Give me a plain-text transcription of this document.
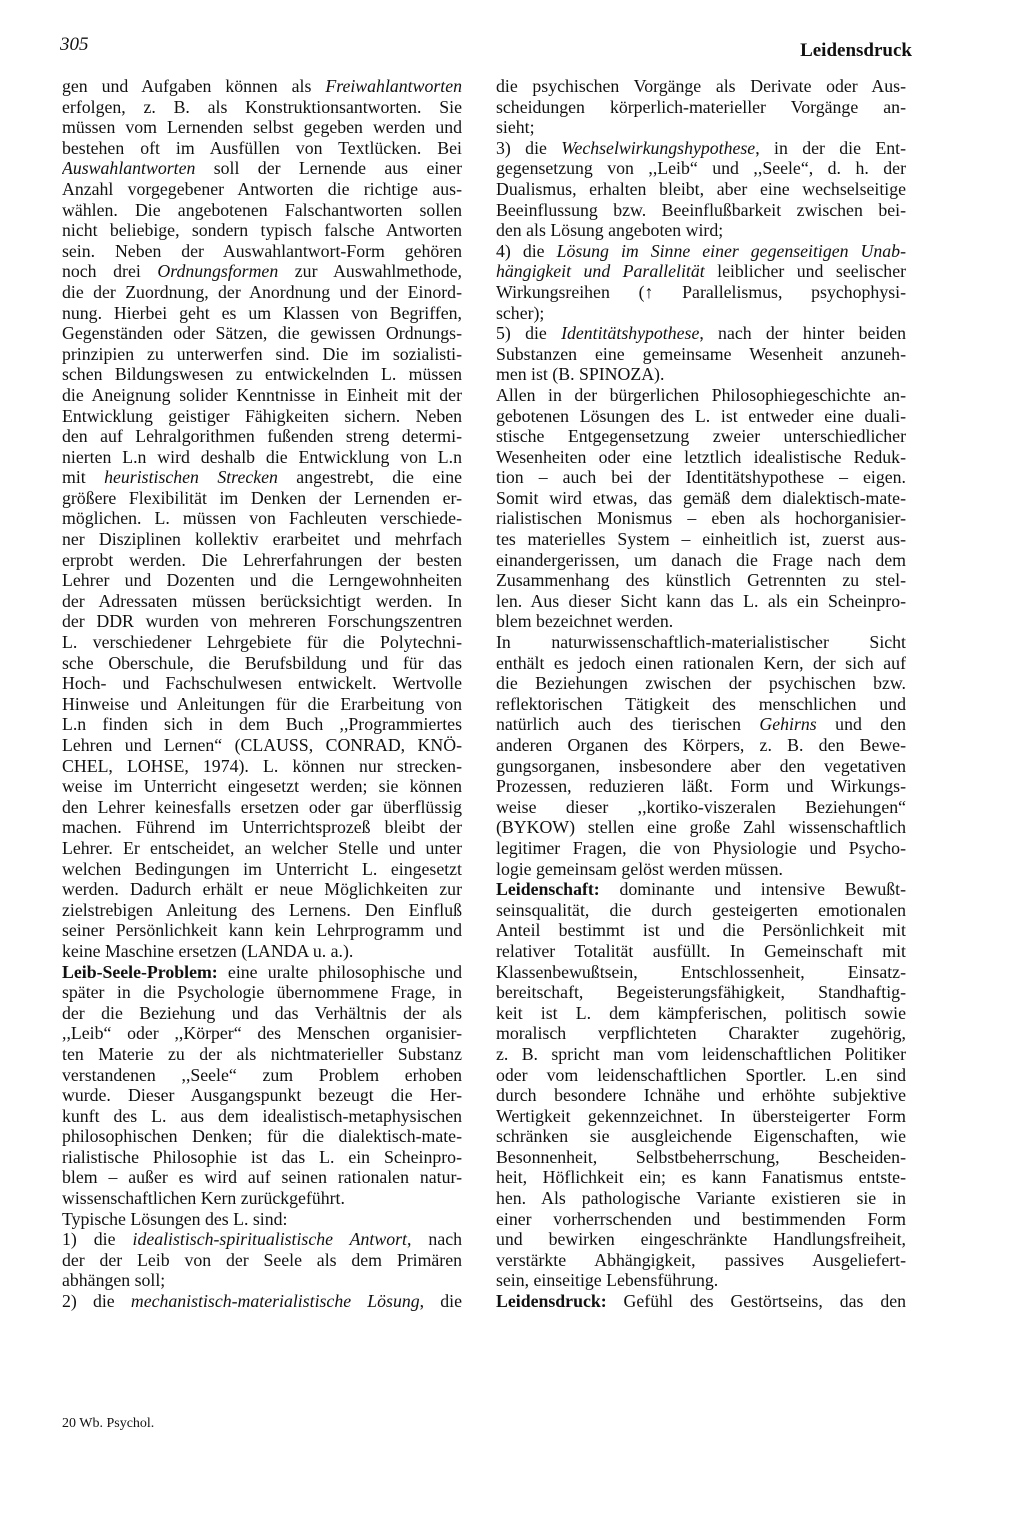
305	Leidensdruck
gen und Aufgaben können als Freiwahlantworten
erfolgen, z. B. als Konstruktionsantworten. Sie
müssen vom Lernenden selbst gegeben werden und
bestehen oft im Ausfüllen von Textlücken. Bei
Auswahlantworten soll der Lernende aus einer
Anzahl vorgegebener Antworten die richtige aus-
wählen. Die angebotenen Falschantworten sollen
nicht beliebige, sondern typisch falsche Antworten
sein. Neben der Auswahlantwort-Form gehören
noch drei Ordnungsformen zur Auswahlmethode,
die der Zuordnung, der Anordnung und der Einord-
nung. Hierbei geht es um Klassen von Begriffen,
Gegenständen oder Sätzen, die gewissen Ordnungs-
prinzipien zu unterwerfen sind. Die im sozialisti-
schen Bildungswesen zu entwickelnden L. müssen
die Aneignung solider Kenntnisse in Einheit mit der
Entwicklung geistiger Fähigkeiten sichern. Neben
den auf Lehralgorithmen fußenden streng determi-
nierten L.n wird deshalb die Entwicklung von L.n
mit heuristischen Strecken angestrebt, die eine
größere Flexibilität im Denken der Lernenden er-
möglichen. L. müssen von Fachleuten verschiede-
ner Disziplinen kollektiv erarbeitet und mehrfach
erprobt werden. Die Lehrerfahrungen der besten
Lehrer und Dozenten und die Lerngewohnheiten
der Adressaten müssen berücksichtigt werden. In
der DDR wurden von mehreren Forschungszentren
L. verschiedener Lehrgebiete für die Polytechni-
sche Oberschule, die Berufsbildung und für das
Hoch- und Fachschulwesen entwickelt. Wertvolle
Hinweise und Anleitungen für die Erarbeitung von
L.n finden sich in dem Buch ,,Programmiertes
Lehren und Lernen“ (CLAUSS, CONRAD, KNÖ-
CHEL, LOHSE, 1974). L. können nur strecken-
weise im Unterricht eingesetzt werden; sie können
den Lehrer keinesfalls ersetzen oder gar überflüssig
machen. Führend im Unterrichtsprozeß bleibt der
Lehrer. Er entscheidet, an welcher Stelle und unter
welchen Bedingungen im Unterricht L. eingesetzt
werden. Dadurch erhält er neue Möglichkeiten zur
zielstrebigen Anleitung des Lernens. Den Einfluß
seiner Persönlichkeit kann kein Lehrprogramm und
keine Maschine ersetzen (LANDA u. a.).
Leib-Seele-Problem: eine uralte philosophische und
später in die Psychologie übernommene Frage, in
der die Beziehung und das Verhältnis der als
,,Leib“ oder ,,Körper“ des Menschen organisier-
ten Materie zu der als nichtmaterieller Substanz
verstandenen ,,Seele“ zum Problem erhoben
wurde. Dieser Ausgangspunkt bezeugt die Her-
kunft des L. aus dem idealistisch-metaphysischen
philosophischen Denken; für die dialektisch-mate-
rialistische Philosophie ist das L. ein Scheinpro-
blem – außer es wird auf seinen rationalen natur-
wissenschaftlichen Kern zurückgeführt.
Typische Lösungen des L. sind:
1) die idealistisch-spiritualistische Antwort, nach
der der Leib von der Seele als dem Primären
abhängen soll;
2) die mechanistisch-materialistische Lösung, die
die psychischen Vorgänge als Derivate oder Aus-
scheidungen körperlich-materieller Vorgänge an-
sieht;
3) die Wechselwirkungshypothese, in der die Ent-
gegensetzung von ,,Leib“ und ,,Seele“, d. h. der
Dualismus, erhalten bleibt, aber eine wechselseitige
Beeinflussung bzw. Beeinflußbarkeit zwischen bei-
den als Lösung angeboten wird;
4) die Lösung im Sinne einer gegenseitigen Unab-
hängigkeit und Parallelität leiblicher und seelischer
Wirkungsreihen (↑ Parallelismus, psychophysi-
scher);
5) die Identitätshypothese, nach der hinter beiden
Substanzen eine gemeinsame Wesenheit anzuneh-
men ist (B. SPINOZA).
Allen in der bürgerlichen Philosophiegeschichte an-
gebotenen Lösungen des L. ist entweder eine duali-
stische Entgegensetzung zweier unterschiedlicher
Wesenheiten oder eine letztlich idealistische Reduk-
tion – auch bei der Identitätshypothese – eigen.
Somit wird etwas, das gemäß dem dialektisch-mate-
rialistischen Monismus – eben als hochorganisier-
tes materielles System – einheitlich ist, zuerst aus-
einandergerissen, um danach die Frage nach dem
Zusammenhang des künstlich Getrennten zu stel-
len. Aus dieser Sicht kann das L. als ein Scheinpro-
blem bezeichnet werden.
In naturwissenschaftlich-materialistischer Sicht
enthält es jedoch einen rationalen Kern, der sich auf
die Beziehungen zwischen der psychischen bzw.
reflektorischen Tätigkeit des menschlichen und
natürlich auch des tierischen Gehirns und den
anderen Organen des Körpers, z. B. den Bewe-
gungsorganen, insbesondere aber den vegetativen
Prozessen, reduzieren läßt. Form und Wirkungs-
weise dieser ,,kortiko-viszeralen Beziehungen“
(BYKOW) stellen eine große Zahl wissenschaftlich
legitimer Fragen, die von Physiologie und Psycho-
logie gemeinsam gelöst werden müssen.
Leidenschaft: dominante und intensive Bewußt-
seinsqualität, die durch gesteigerten emotionalen
Anteil bestimmt ist und die Persönlichkeit mit
relativer Totalität ausfüllt. In Gemeinschaft mit
Klassenbewußtsein, Entschlossenheit, Einsatz-
bereitschaft, Begeisterungsfähigkeit, Standhaftig-
keit ist L. dem kämpferischen, politisch sowie
moralisch verpflichteten Charakter zugehörig,
z. B. spricht man vom leidenschaftlichen Politiker
oder vom leidenschaftlichen Sportler. L.en sind
durch besondere Ichnähe und erhöhte subjektive
Wertigkeit gekennzeichnet. In übersteigerter Form
schränken sie ausgleichende Eigenschaften, wie
Besonnenheit, Selbstbeherrschung, Bescheiden-
heit, Höflichkeit ein; es kann Fanatismus entste-
hen. Als pathologische Variante existieren sie in
einer vorherrschenden und bestimmenden Form
und bewirken eingeschränkte Handlungsfreiheit,
verstärkte Abhängigkeit, passives Ausgeliefert-
sein, einseitige Lebensführung.
Leidensdruck: Gefühl des Gestörtseins, das den
20 Wb. Psychol.
